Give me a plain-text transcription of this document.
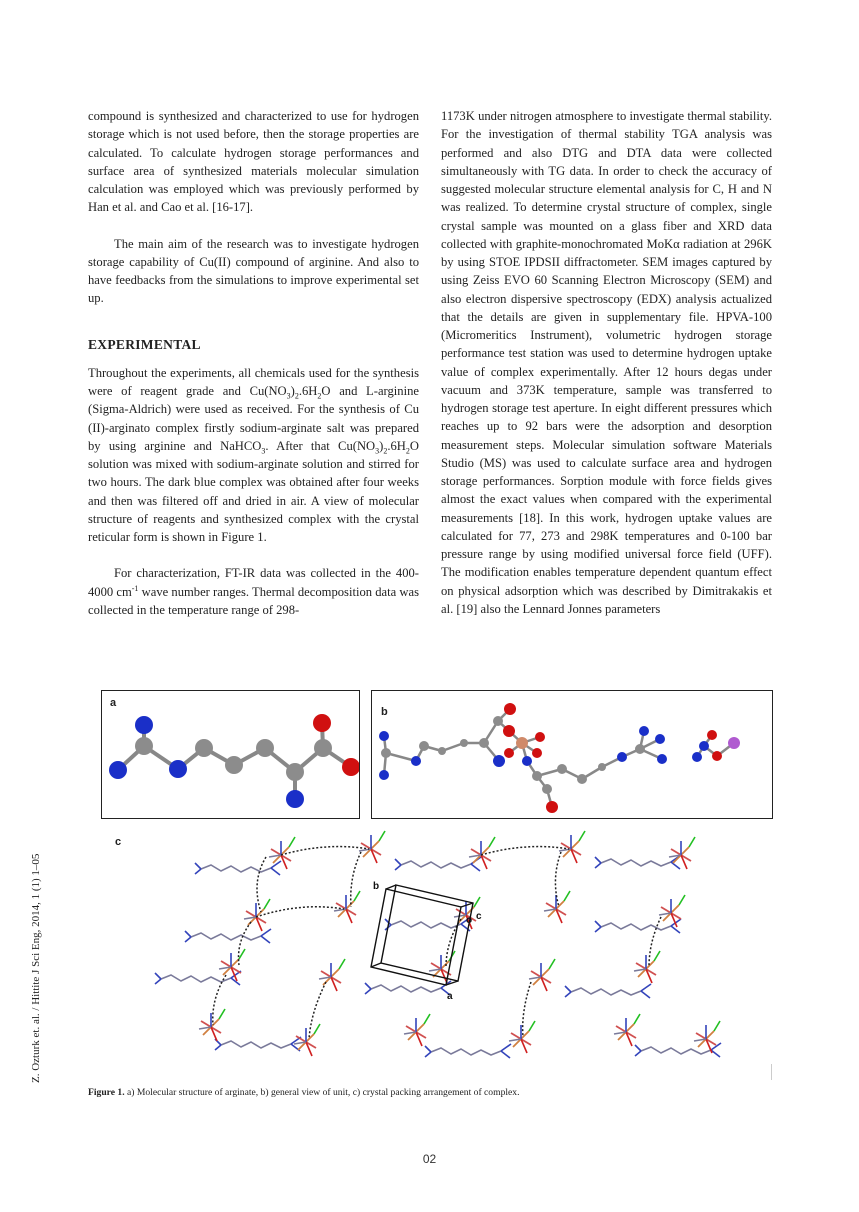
compound is synthesized and characterized to use for hydrogen storage which is not used before, then the storage properties are calculated. To calculate hydrogen storage performances and surface area of synthesized materials molecular simulation calculation was employed which was previously performed by Han et al. and Cao et al. [16-17].

The main aim of the research was to investigate hydrogen storage capability of Cu(II) compound of arginine. And also to have feedbacks from the simulations to improve experimental set up.

EXPERIMENTAL

Throughout the experiments, all chemicals used for the synthesis were of reagent grade and $Cu(NO_3)_2.6H_2O$ and L-arginine (Sigma-Aldrich) were used as received. For the synthesis of Cu (II)-arginato complex firstly sodium-arginate salt was prepared by using arginine and NaHCO$_3$. After that $Cu(NO_3)_2.6H_2O$ solution was mixed with sodium-arginate solution and stirred for two hours. The dark blue complex was obtained after four weeks and then was filtered off and dried in air. A view of molecular structure of reagents and synthesized complex with the crystal reticular form is shown in Figure 1.

For characterization, FT-IR data was collected in the 400-4000 $cm^{-1}$ wave number ranges. Thermal decomposition data was collected in the temperature range of 298-

1173K under nitrogen atmosphere to investigate thermal stability. For the investigation of thermal stability TGA analysis was performed and also DTG and DTA data were collected simultaneously with TG data. In order to check the accuracy of suggested molecular structure elemental analysis for C, H and N was realized. To determine crystal structure of complex, single crystal sample was mounted on a glass fiber and XRD data collected with graphite-monochromated MoKα radiation at 296K by using STOE IPDSII diffractometer. SEM images captured by using Zeiss EVO 60 Scanning Electron Microscopy (SEM) and also electron dispersive spectroscopy (EDX) analysis actualized that the details are given in supplementary file. HPVA-100 (Micromeritics Instrument), volumetric hydrogen storage performance test station was used to determine hydrogen uptake value of complex experimentally. After 12 hours degas under vacuum and 373K temperature, sample was transferred to hydrogen storage test aperture. In eight different pressures which reaches up to 92 bars were the adsorption and desorption measurement steps. Molecular simulation software Materials Studio (MS) was used to calculate surface area and hydrogen storage performances. Sorption module with force fields gives almost the exact values when compared with the experimental measurements [18]. In this work, hydrogen uptake values are calculated for 77, 273 and 298K temperatures and 0-100 bar pressure range by using modified universal force field (UFF). The modification enables temperature dependent quantum effect on physical adsorption which was described by Dimitrakakis et al. [19] also the Lennard Jonnes parameters

Z. Ozturk et. al. / Hittite J Sci Eng, 2014, 1 (1) 1–05
a
b
c
b
o c
a
Figure 1. a) Molecular structure of arginate, b) general view of unit, c) crystal packing arrangement of complex.
02
